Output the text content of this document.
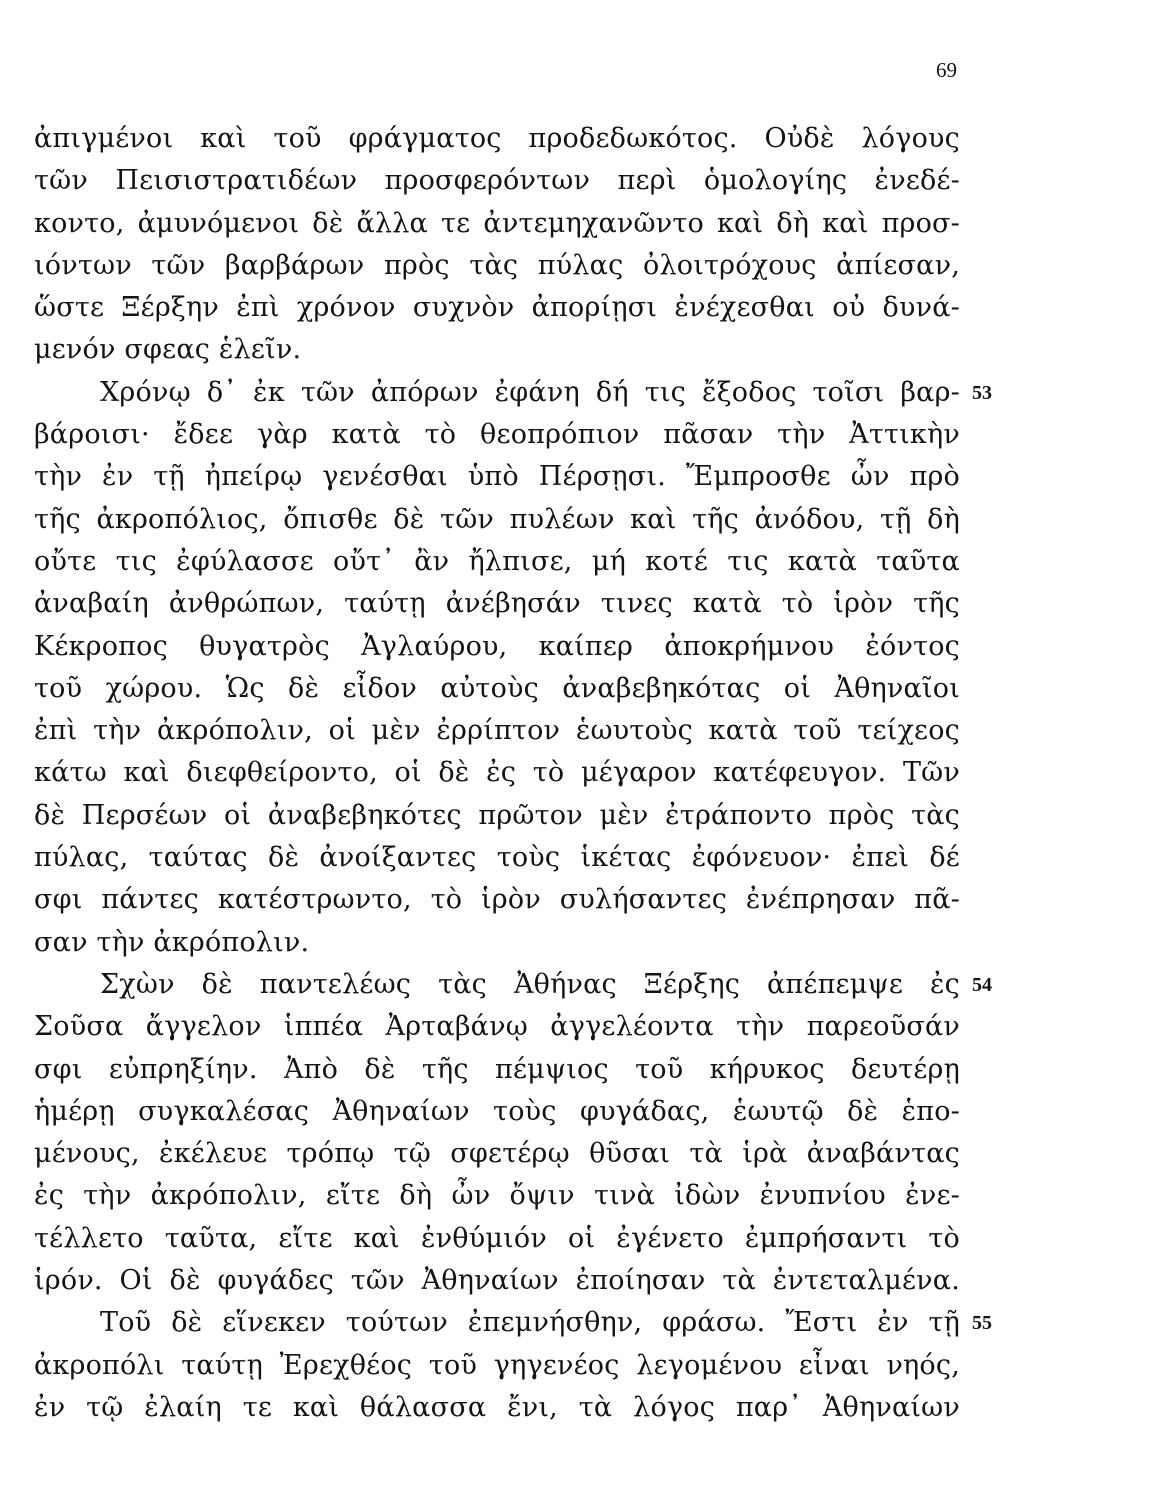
69
ἀπιγμένοι καὶ τοῦ φράγματος προδεδωκότος. Οὐδὲ λόγους
τῶν Πεισιστρατιδέων προσφερόντων περὶ ὁμολογίης ἐνεδέ-
κοντο, ἀμυνόμενοι δὲ ἄλλα τε ἀντεμηχανῶντο καὶ δὴ καὶ προσ-
ιόντων τῶν βαρβάρων πρὸς τὰς πύλας ὀλοιτρόχους ἀπίεσαν,
ὥστε Ξέρξην ἐπὶ χρόνον συχνὸν ἀπορίῃσι ἐνέχεσθαι οὐ δυνά-
μενόν σφεας ἑλεῖν.
53
Χρόνῳ δ᾽ ἐκ τῶν ἀπόρων ἐφάνη δή τις ἔξοδος τοῖσι βαρ-
βάροισι· ἔδεε γὰρ κατὰ τὸ θεοπρόπιον πᾶσαν τὴν Ἀττικὴν
τὴν ἐν τῇ ἠπείρῳ γενέσθαι ὑπὸ Πέρσῃσι. Ἔμπροσθε ὦν πρὸ
τῆς ἀκροπόλιος, ὄπισθε δὲ τῶν πυλέων καὶ τῆς ἀνόδου, τῇ δὴ
οὔτε τις ἐφύλασσε οὔτ᾽ ἂν ἤλπισε, μή κοτέ τις κατὰ ταῦτα
ἀναβαίη ἀνθρώπων, ταύτῃ ἀνέβησάν τινες κατὰ τὸ ἱρὸν τῆς
Κέκροπος θυγατρὸς Ἀγλαύρου, καίπερ ἀποκρήμνου ἐόντος
τοῦ χώρου. Ὡς δὲ εἶδον αὐτοὺς ἀναβεβηκότας οἱ Ἀθηναῖοι
ἐπὶ τὴν ἀκρόπολιν, οἱ μὲν ἐρρίπτον ἑωυτοὺς κατὰ τοῦ τείχεος
κάτω καὶ διεφθείροντο, οἱ δὲ ἐς τὸ μέγαρον κατέφευγον. Τῶν
δὲ Περσέων οἱ ἀναβεβηκότες πρῶτον μὲν ἐτράποντο πρὸς τὰς
πύλας, ταύτας δὲ ἀνοίξαντες τοὺς ἱκέτας ἐφόνευον· ἐπεὶ δέ
σφι πάντες κατέστρωντο, τὸ ἱρὸν συλήσαντες ἐνέπρησαν πᾶ-
σαν τὴν ἀκρόπολιν.
54
Σχὼν δὲ παντελέως τὰς Ἀθήνας Ξέρξης ἀπέπεμψε ἐς
Σοῦσα ἄγγελον ἱππέα Ἀρταβάνῳ ἀγγελέοντα τὴν παρεοῦσάν
σφι εὐπρηξίην. Ἀπὸ δὲ τῆς πέμψιος τοῦ κήρυκος δευτέρῃ
ἡμέρῃ συγκαλέσας Ἀθηναίων τοὺς φυγάδας, ἑωυτῷ δὲ ἑπο-
μένους, ἐκέλευε τρόπῳ τῷ σφετέρῳ θῦσαι τὰ ἱρὰ ἀναβάντας
ἐς τὴν ἀκρόπολιν, εἴτε δὴ ὦν ὄψιν τινὰ ἰδὼν ἐνυπνίου ἐνε-
τέλλετο ταῦτα, εἴτε καὶ ἐνθύμιόν οἱ ἐγένετο ἐμπρήσαντι τὸ
ἱρόν. Οἱ δὲ φυγάδες τῶν Ἀθηναίων ἐποίησαν τὰ ἐντεταλμένα.
55
Τοῦ δὲ εἵνεκεν τούτων ἐπεμνήσθην, φράσω. Ἔστι ἐν τῇ
ἀκροπόλι ταύτῃ Ἐρεχθέος τοῦ γηγενέος λεγομένου εἶναι νηός,
ἐν τῷ ἐλαίη τε καὶ θάλασσα ἔνι, τὰ λόγος παρ᾽ Ἀθηναίων
